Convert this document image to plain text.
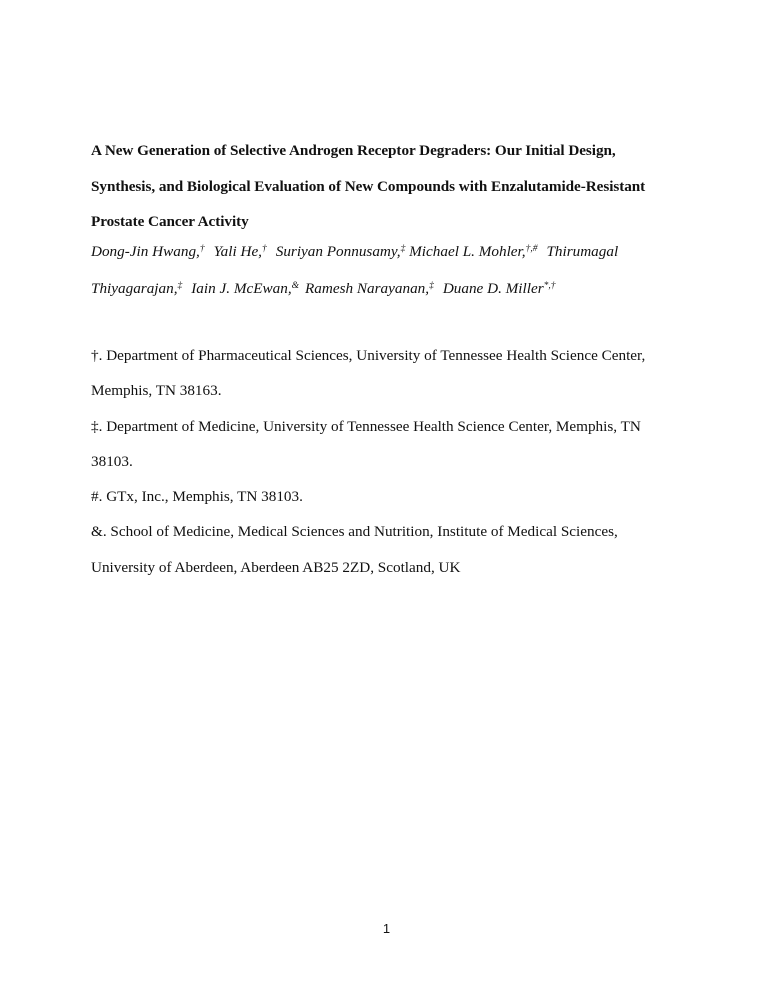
A New Generation of Selective Androgen Receptor Degraders: Our Initial Design,
Synthesis, and Biological Evaluation of New Compounds with Enzalutamide-Resistant
Prostate Cancer Activity
Dong-Jin Hwang,† Yali He,† Suriyan Ponnusamy,‡ Michael L. Mohler,†,# Thirumagal
Thiyagarajan,‡ Iain J. McEwan,& Ramesh Narayanan,‡ Duane D. Miller*,†
†. Department of Pharmaceutical Sciences, University of Tennessee Health Science Center,
Memphis, TN 38163.
‡. Department of Medicine, University of Tennessee Health Science Center, Memphis, TN
38103.
#. GTx, Inc., Memphis, TN 38103.
&. School of Medicine, Medical Sciences and Nutrition, Institute of Medical Sciences,
University of Aberdeen, Aberdeen AB25 2ZD, Scotland, UK
1
